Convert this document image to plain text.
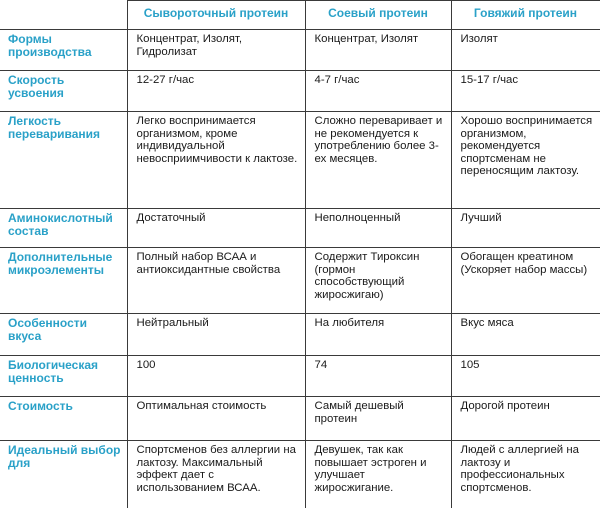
	Сывороточный протеин	Соевый протеин	Говяжий протеин
Формы производства	Концентрат, Изолят, Гидролизат	Концентрат, Изолят	Изолят
Скорость усвоения	12-27 г/час	4-7 г/час	15-17 г/час
Легкость переваривания	Легко воспринимается организмом, кроме индивидуальной невосприимчивости к лактозе.	Сложно переваривает и не рекомендуется к употреблению более 3-ех месяцев.	Хорошо воспринимается организмом, рекомендуется спортсменам не переносящим лактозу.
Аминокислотный состав	Достаточный	Неполноценный	Лучший
Дополнительные микроэлементы	Полный набор ВСАА и антиоксидантные свойства	Содержит Тироксин (гормон способствующий жиросжигаю)	Обогащен креатином (Ускоряет набор массы)
Особенности вкуса	Нейтральный	На любителя	Вкус мяса
Биологическая ценность	100	74	105
Стоимость	Оптимальная стоимость	Самый дешевый протеин	Дорогой протеин
Идеальный выбор для	Спортсменов без аллергии на лактозу. Максимальный эффект дает с использованием ВСАА.	Девушек, так как повышает эстроген и улучшает жиросжигание.	Людей с аллергией на лактозу и профессиональных спортсменов.
